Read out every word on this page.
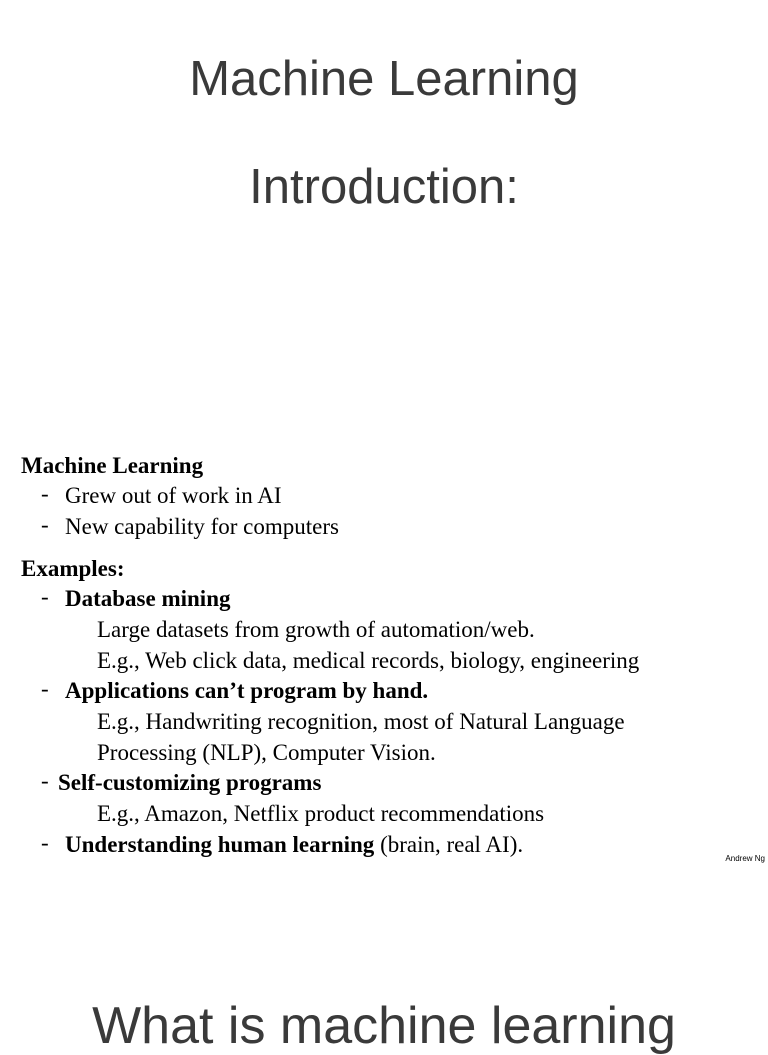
Machine Learning
Introduction:
Machine Learning
- Grew out of work in AI
- New capability for computers
Examples:
- Database mining
Large datasets from growth of automation/web.
E.g., Web click data, medical records, biology, engineering
- Applications can’t program by hand.
E.g., Handwriting recognition, most of Natural Language
Processing (NLP), Computer Vision.
- Self-customizing programs
E.g., Amazon, Netflix product recommendations
- Understanding human learning (brain, real AI).
Andrew Ng
What is machine learning
